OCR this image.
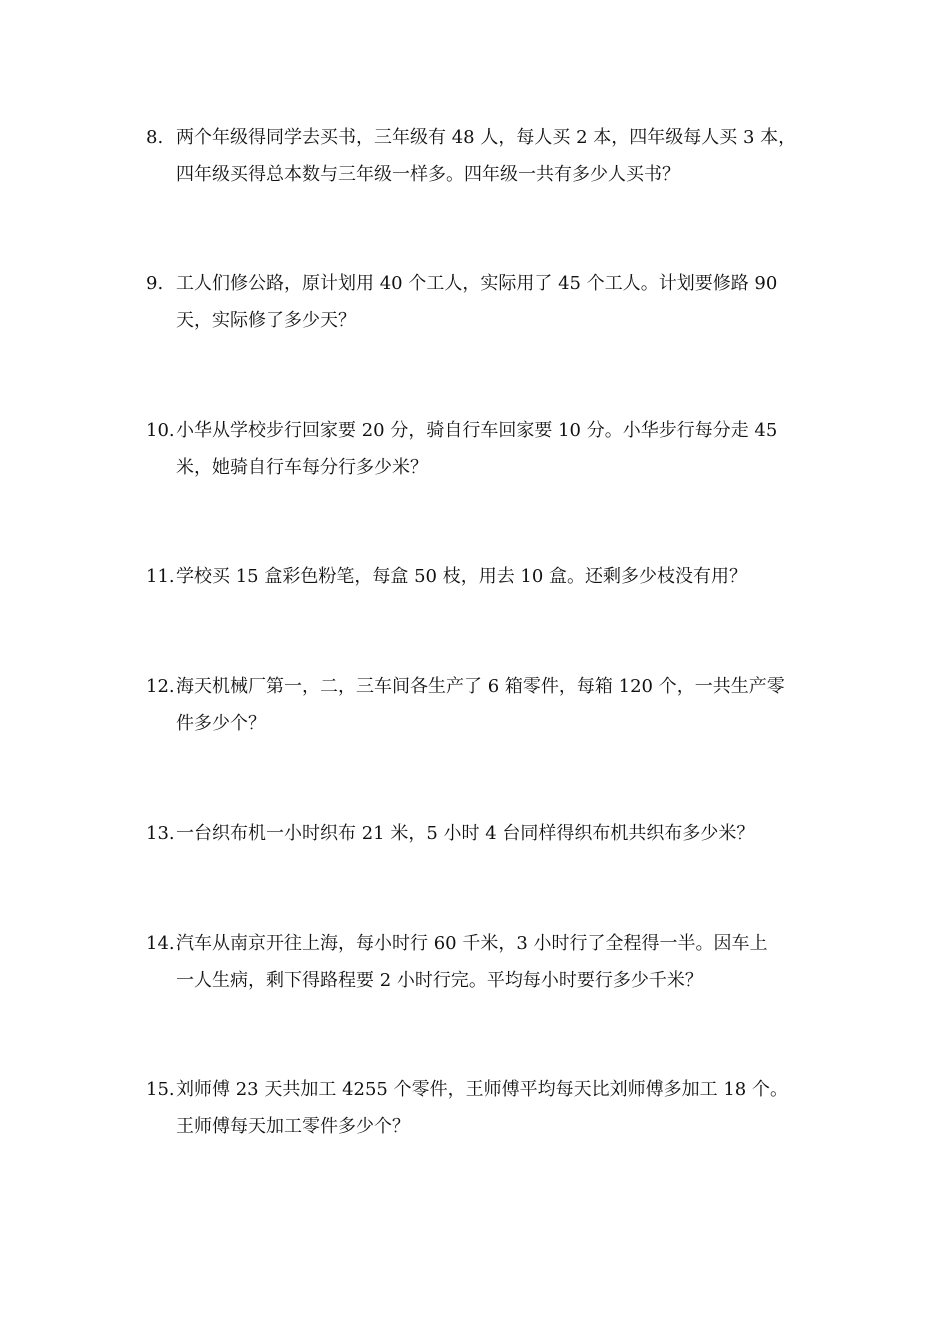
8. 两个年级得同学去买书，三年级有 48 人，每人买 2 本，四年级每人买 3 本，
四年级买得总本数与三年级一样多。四年级一共有多少人买书？
9. 工人们修公路，原计划用 40 个工人，实际用了 45 个工人。计划要修路 90
天，实际修了多少天？
10. 小华从学校步行回家要 20 分，骑自行车回家要 10 分。小华步行每分走 45
米，她骑自行车每分行多少米？
11. 学校买 15 盒彩色粉笔，每盒 50 枝，用去 10 盒。还剩多少枝没有用？
12. 海天机械厂第一，二，三车间各生产了 6 箱零件，每箱 120 个，一共生产零
件多少个？
13. 一台织布机一小时织布 21 米，5 小时 4 台同样得织布机共织布多少米？
14. 汽车从南京开往上海，每小时行 60 千米，3 小时行了全程得一半。因车上
一人生病，剩下得路程要 2 小时行完。平均每小时要行多少千米？
15. 刘师傅 23 天共加工 4255 个零件，王师傅平均每天比刘师傅多加工 18 个。
王师傅每天加工零件多少个？
